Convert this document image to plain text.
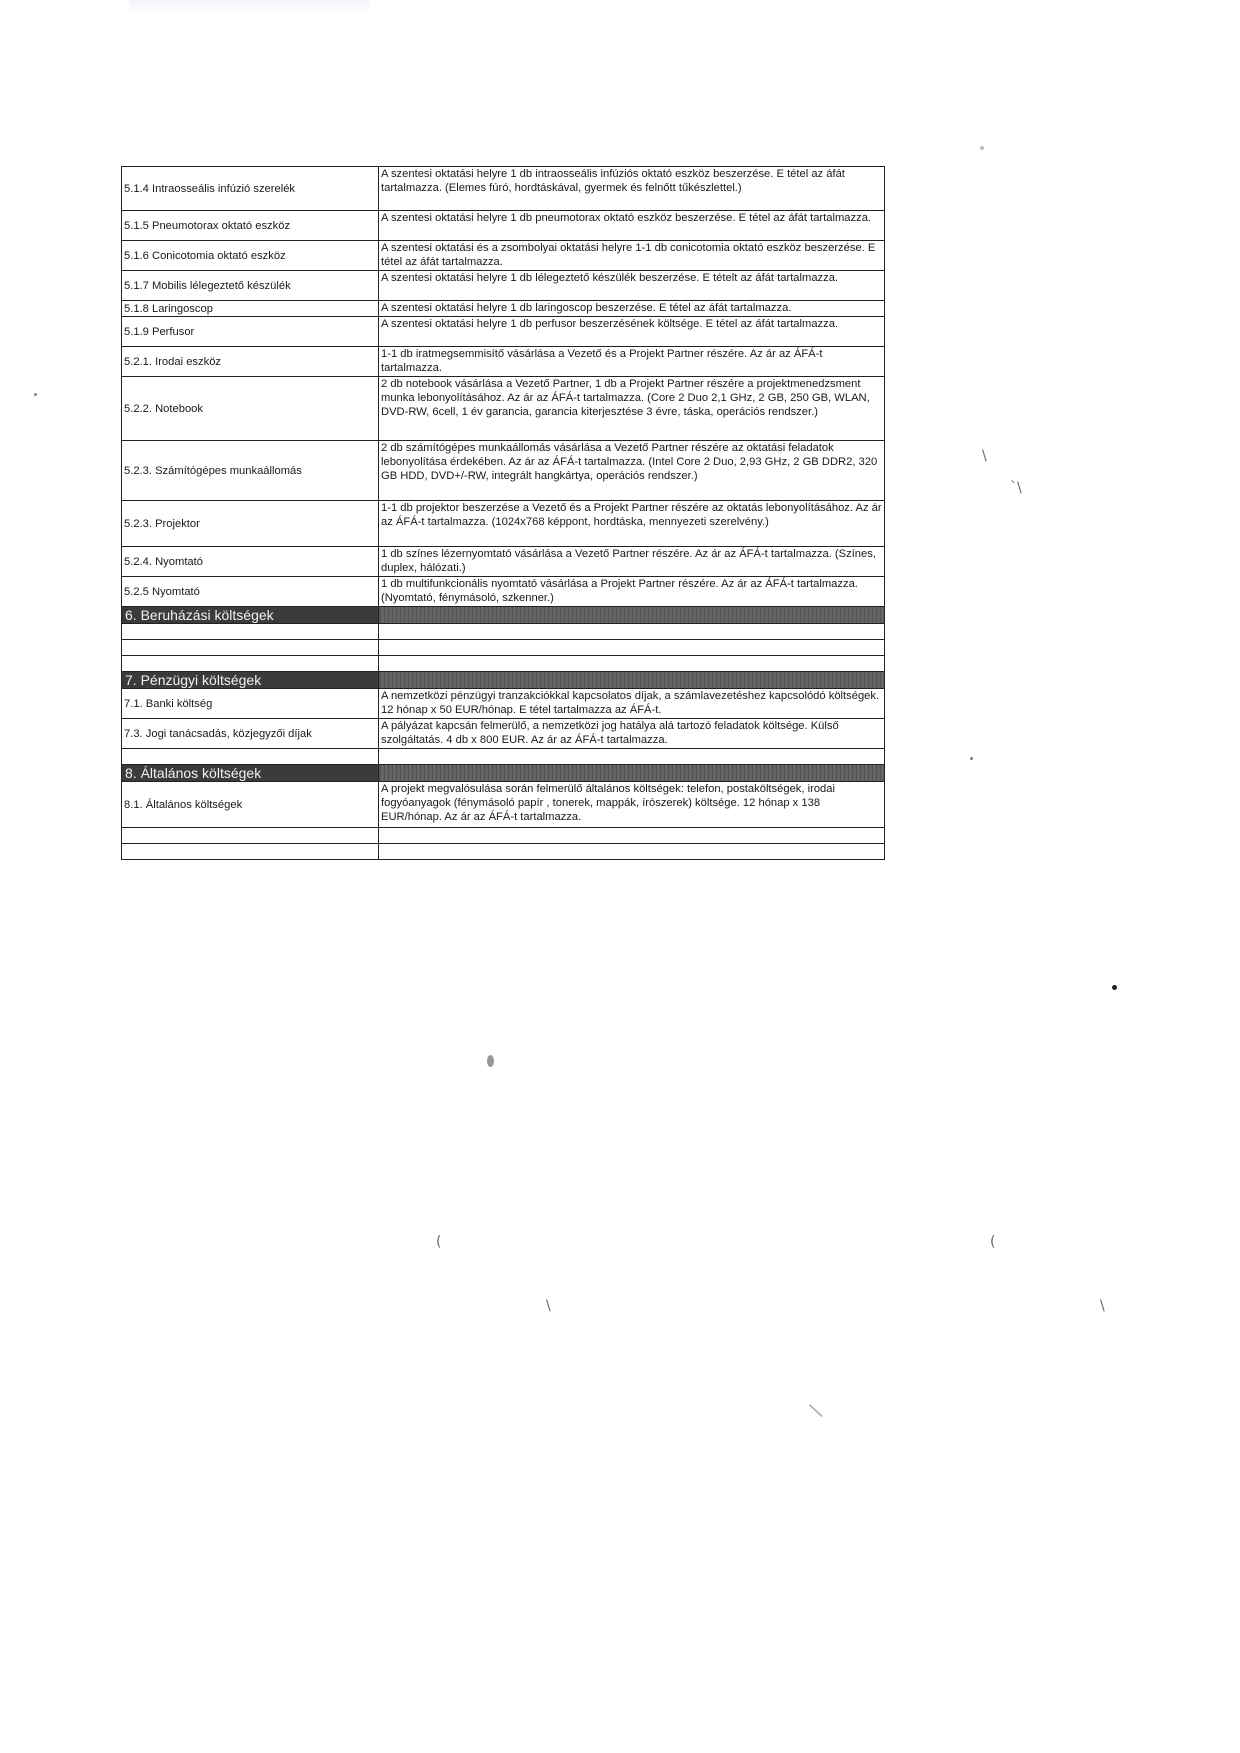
5.1.4 Intraosseális infúzió szerelék	A szentesi oktatási helyre 1 db intraosseális infúziós oktató eszköz beszerzése. E tétel az áfát tartalmazza. (Elemes fúró, hordtáskával, gyermek és felnőtt tűkészlettel.)
5.1.5 Pneumotorax oktató eszköz	A szentesi oktatási helyre 1 db pneumotorax oktató eszköz beszerzése. E tétel az áfát tartalmazza.
5.1.6 Conicotomia oktató eszköz	A szentesi oktatási és a zsombolyai oktatási helyre 1-1 db conicotomia oktató eszköz beszerzése. E tétel az áfát tartalmazza.
5.1.7 Mobilis lélegeztető készülék	A szentesi oktatási helyre 1 db lélegeztető készülék beszerzése. E tételt az áfát tartalmazza.
5.1.8 Laringoscop	A szentesi oktatási helyre 1 db laringoscop beszerzése. E tétel az áfát tartalmazza.
5.1.9 Perfusor	A szentesi oktatási helyre 1 db perfusor beszerzésének költsége. E tétel az áfát tartalmazza.
5.2.1. Irodai eszköz	1-1 db iratmegsemmisítő vásárlása a Vezető és a Projekt Partner részére. Az ár az ÁFÁ-t tartalmazza.
5.2.2. Notebook	2 db notebook vásárlása a Vezető Partner, 1 db a Projekt Partner részére a projektmenedzsment munka lebonyolításához. Az ár az ÁFÁ-t tartalmazza. (Core 2 Duo 2,1 GHz, 2 GB, 250 GB, WLAN, DVD-RW, 6cell, 1 év garancia, garancia kiterjesztése 3 évre, táska, operációs rendszer.)
5.2.3. Számítógépes munkaállomás	2 db számítógépes munkaállomás vásárlása a Vezető Partner részére az oktatási feladatok lebonyolítása érdekében. Az ár az ÁFÁ-t tartalmazza. (Intel Core 2 Duo, 2,93 GHz, 2 GB DDR2, 320 GB HDD, DVD+/-RW, integrált hangkártya, operációs rendszer.)
5.2.3. Projektor	1-1 db projektor beszerzése a Vezető és a Projekt Partner részére az oktatás lebonyolításához. Az ár az ÁFÁ-t tartalmazza. (1024x768 képpont, hordtáska, mennyezeti szerelvény.)
5.2.4. Nyomtató	1 db színes lézernyomtató vásárlása a Vezető Partner részére. Az ár az ÁFÁ-t tartalmazza. (Színes, duplex, hálózati.)
5.2.5 Nyomtató	1 db multifunkcionális nyomtató vásárlása a Projekt Partner részére. Az ár az ÁFÁ-t tartalmazza. (Nyomtató, fénymásoló, szkenner.)
6. Beruházási költségek	

7. Pénzügyi költségek	
7.1. Banki költség	A nemzetközi pénzügyi tranzakciókkal kapcsolatos díjak, a számlavezetéshez kapcsolódó költségek. 12 hónap x 50 EUR/hónap. E tétel tartalmazza az ÁFÁ-t.
7.3. Jogi tanácsadás, közjegyzői díjak	A pályázat kapcsán felmerülő, a nemzetközi jog hatálya alá tartozó feladatok költsége. Külső szolgáltatás. 4 db x 800 EUR. Az ár az ÁFÁ-t tartalmazza.

8. Általános költségek	
8.1. Általános költségek	A projekt megvalósulása során felmerülő általános költségek: telefon, postaköltségek, irodai fogyóanyagok (fénymásoló papír , tonerek, mappák, írószerek) költsége. 12 hónap x 138 EUR/hónap. Az ár az ÁFÁ-t tartalmazza.

\
`\
(	(
\	\
\
